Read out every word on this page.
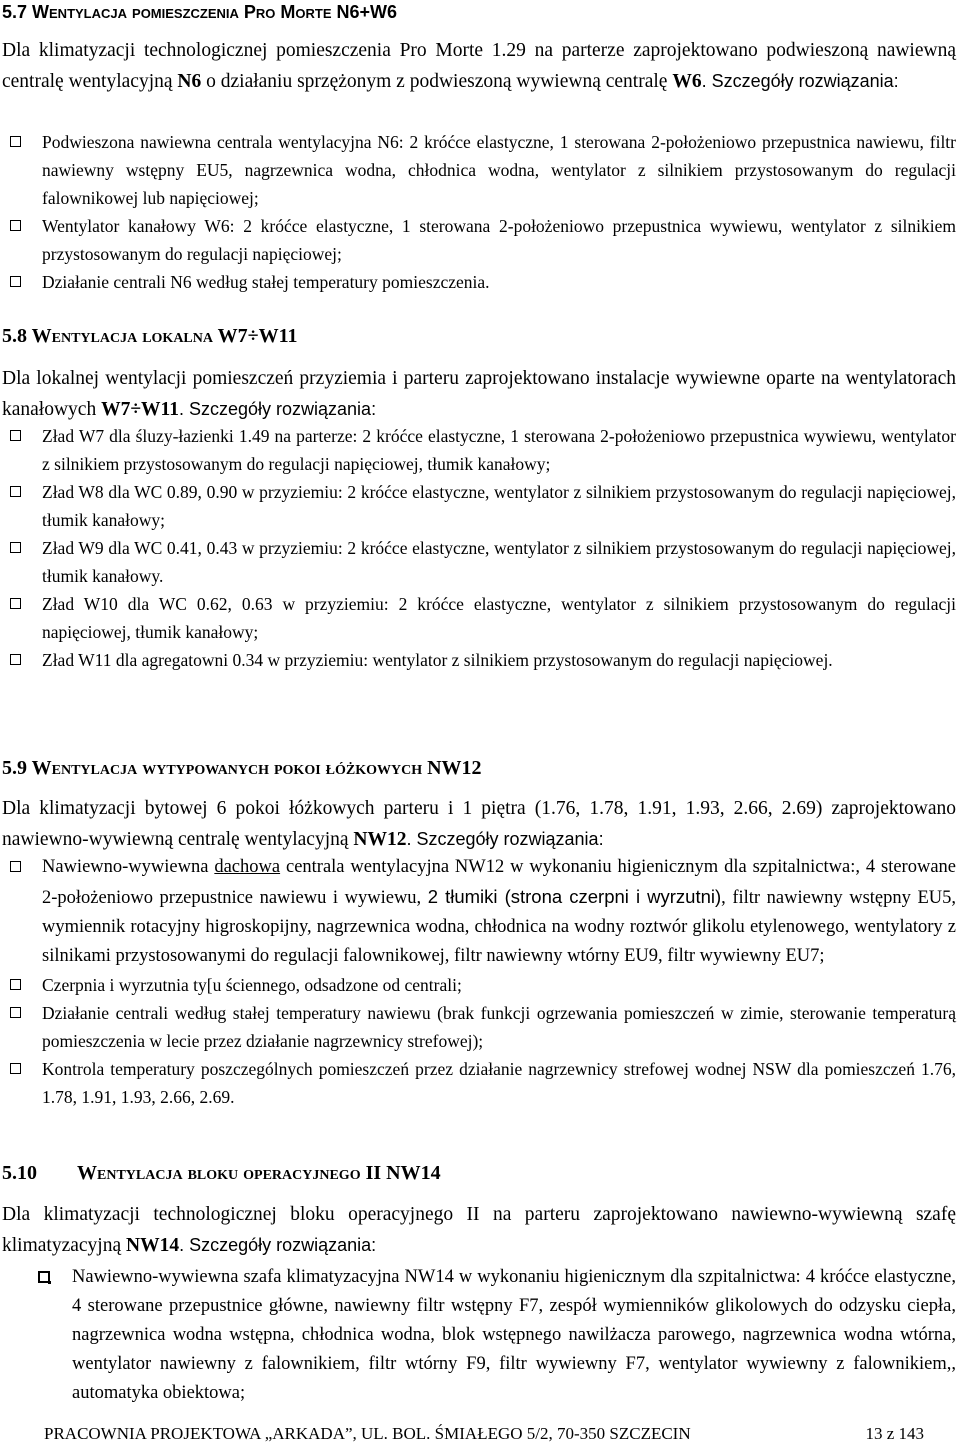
5.7 Wentylacja pomieszczenia Pro Morte N6+W6

Dla klimatyzacji technologicznej pomieszczenia Pro Morte 1.29 na parterze zaprojektowano podwieszoną nawiewną centralę wentylacyjną N6 o działaniu sprzężonym z podwieszoną wywiewną centralę W6. Szczegóły rozwiązania:

Podwieszona nawiewna centrala wentylacyjna N6: 2 króćce elastyczne, 1 sterowana 2-położeniowo przepustnica nawiewu, filtr nawiewny wstępny EU5, nagrzewnica wodna, chłodnica wodna, wentylator z silnikiem przystosowanym do regulacji falownikowej lub napięciowej;
Wentylator kanałowy W6: 2 króćce elastyczne, 1 sterowana 2-położeniowo przepustnica wywiewu, wentylator z silnikiem przystosowanym do regulacji napięciowej;
Działanie centrali N6 według stałej temperatury pomieszczenia.
5.8 Wentylacja lokalna W7÷W11

Dla lokalnej wentylacji pomieszczeń przyziemia i parteru zaprojektowano instalacje wywiewne oparte na wentylatorach kanałowych W7÷W11. Szczegóły rozwiązania:

Zład W7 dla śluzy-łazienki 1.49 na parterze: 2 króćce elastyczne, 1 sterowana 2-położeniowo przepustnica wywiewu, wentylator z silnikiem przystosowanym do regulacji napięciowej, tłumik kanałowy;
Zład W8 dla WC 0.89, 0.90 w przyziemiu: 2 króćce elastyczne, wentylator z silnikiem przystosowanym do regulacji napięciowej, tłumik kanałowy;
Zład W9 dla WC 0.41, 0.43 w przyziemiu: 2 króćce elastyczne, wentylator z silnikiem przystosowanym do regulacji napięciowej, tłumik kanałowy.
Zład W10 dla WC 0.62, 0.63 w przyziemiu: 2 króćce elastyczne, wentylator z silnikiem przystosowanym do regulacji napięciowej, tłumik kanałowy;
Zład W11 dla agregatowni 0.34 w przyziemiu: wentylator z silnikiem przystosowanym do regulacji napięciowej.
5.9 Wentylacja wytypowanych pokoi łóżkowych NW12

Dla klimatyzacji bytowej 6 pokoi łóżkowych parteru i 1 piętra (1.76, 1.78, 1.91, 1.93, 2.66, 2.69) zaprojektowano nawiewno-wywiewną centralę wentylacyjną NW12. Szczegóły rozwiązania:

Nawiewno-wywiewna dachowa centrala wentylacyjna NW12 w wykonaniu higienicznym dla szpitalnictwa:, 4 sterowane 2-położeniowo przepustnice nawiewu i wywiewu, 2 tłumiki (strona czerpni i wyrzutni), filtr nawiewny wstępny EU5, wymiennik rotacyjny higroskopijny, nagrzewnica wodna, chłodnica na wodny roztwór glikolu etylenowego, wentylatory z silnikami przystosowanymi do regulacji falownikowej, filtr nawiewny wtórny EU9, filtr wywiewny EU7;
Czerpnia i wyrzutnia ty[u ściennego, odsadzone od centrali;
Działanie centrali według stałej temperatury nawiewu (brak funkcji ogrzewania pomieszczeń w zimie, sterowanie temperaturą pomieszczenia w lecie przez działanie nagrzewnicy strefowej);
Kontrola temperatury poszczególnych pomieszczeń przez działanie nagrzewnicy strefowej wodnej NSW dla pomieszczeń 1.76, 1.78, 1.91, 1.93, 2.66, 2.69.
5.10 Wentylacja bloku operacyjnego II NW14

Dla klimatyzacji technologicznej bloku operacyjnego II na parteru zaprojektowano nawiewno-wywiewną szafę klimatyzacyjną NW14. Szczegóły rozwiązania:

Nawiewno-wywiewna szafa klimatyzacyjna NW14 w wykonaniu higienicznym dla szpitalnictwa: 4 króćce elastyczne, 4 sterowane przepustnice główne, nawiewny filtr wstępny F7, zespół wymienników glikolowych do odzysku ciepła, nagrzewnica wodna wstępna, chłodnica wodna, blok wstępnego nawilżacza parowego, nagrzewnica wodna wtórna, wentylator nawiewny z falownikiem, filtr wtórny F9, filtr wywiewny F7, wentylator wywiewny z falownikiem,, automatyka obiektowa;
PRACOWNIA PROJEKTOWA „ARKADA”, UL. BOL. ŚMIAŁEGO 5/2, 70-350 SZCZECIN	13 z 143
